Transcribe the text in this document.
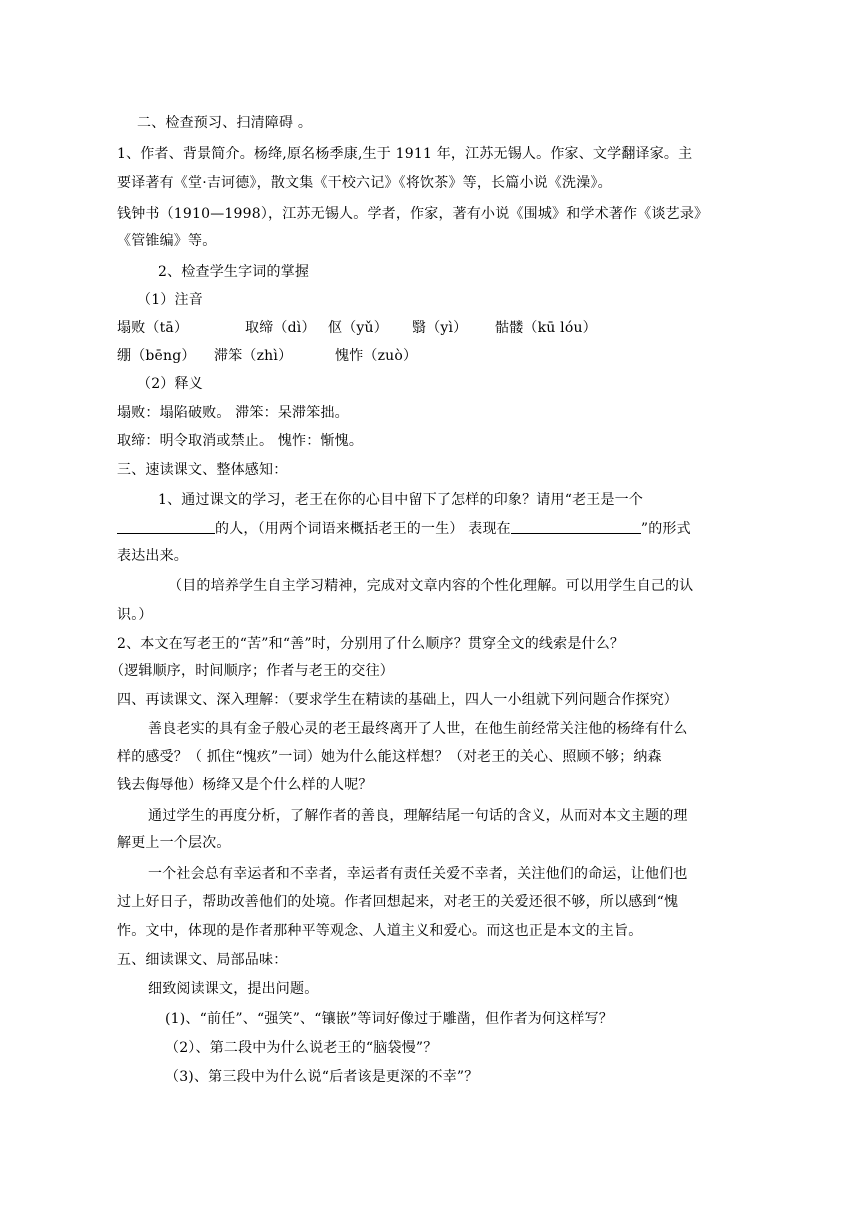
二、检查预习、扫清障碍 。
1、作者、背景简介。杨绛,原名杨季康,生于 1911 年，江苏无锡人。作家、文学翻译家。主
要译著有《堂·吉诃德》，散文集《干校六记》《将饮茶》等，长篇小说《洗澡》。
钱钟书（1910—1998），江苏无锡人。学者，作家，著有小说《围城》和学术著作《谈艺录》
《管锥编》等。
2、检查学生字词的掌握
（1）注音
塌败（tā）	取缔（dì） 伛（yǔ）	翳（yì）	骷髅（kū lóu）
绷（bēng）	滞笨（zhì）	愧怍（zuò）
（2）释义
塌败：塌陷破败。 滞笨：呆滞笨拙。
取缔：明令取消或禁止。 愧怍：惭愧。
三、速读课文、整体感知：
1、通过课文的学习，老王在你的心目中留下了怎样的印象？请用“老王是一个
的人，（用两个词语来概括老王的一生） 表现在	”的形式
表达出来。
（目的培养学生自主学习精神，完成对文章内容的个性化理解。可以用学生自己的认
识。）
2、本文在写老王的“苦”和“善”时，分别用了什么顺序？贯穿全文的线索是什么？
（逻辑顺序，时间顺序；作者与老王的交往）
四、再读课文、深入理解：（要求学生在精读的基础上，四人一小组就下列问题合作探究）
善良老实的具有金子般心灵的老王最终离开了人世，在他生前经常关注他的杨绛有什么
样的感受？（ 抓住“愧疚”一词）她为什么能这样想？（对老王的关心、照顾不够；纳森
钱去侮辱他）杨绛又是个什么样的人呢？
通过学生的再度分析，了解作者的善良，理解结尾一句话的含义，从而对本文主题的理
解更上一个层次。
一个社会总有幸运者和不幸者，幸运者有责任关爱不幸者，关注他们的命运，让他们也
过上好日子，帮助改善他们的处境。作者回想起来，对老王的关爱还很不够，所以感到“愧
怍。文中，体现的是作者那种平等观念、人道主义和爱心。而这也正是本文的主旨。
五、细读课文、局部品味：
细致阅读课文，提出问题。
(1)、“前任”、“强笑”、“镶嵌”等词好像过于雕凿，但作者为何这样写？
（2）、第二段中为什么说老王的“脑袋慢”？
（3)、第三段中为什么说“后者该是更深的不幸”？
